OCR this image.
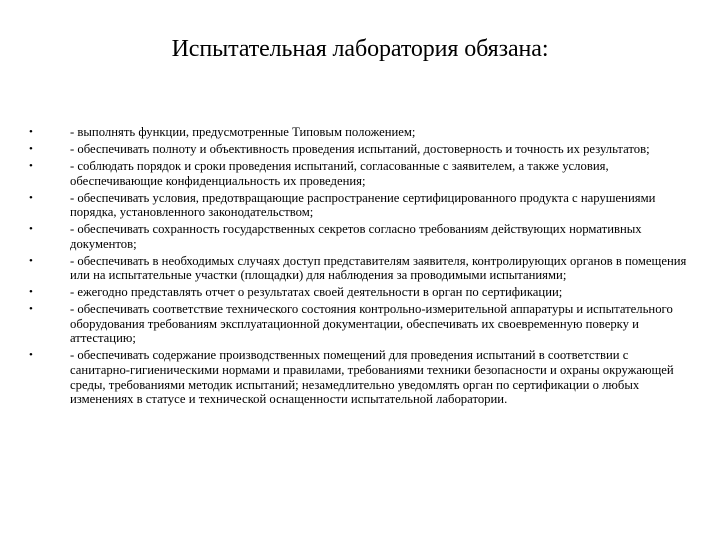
Испытательная лаборатория обязана:
•	- выполнять функции, предусмотренные Типовым положением;
•	- обеспечивать полноту и объективность проведения испытаний, достоверность и точность их результатов;
•	- соблюдать порядок и сроки проведения испытаний, согласованные с заявителем, а также условия, обеспечивающие конфиденциальность их проведения;
•	- обеспечивать условия, предотвращающие распространение сертифицированного продукта с нарушениями порядка, установленного законодательством;
•	- обеспечивать сохранность государственных секретов согласно требованиям действующих нормативных документов;
•	- обеспечивать в необходимых случаях доступ представителям заявителя, контролирующих органов в помещения или на испытательные участки (площадки) для наблюдения за проводимыми испытаниями;
•	- ежегодно представлять отчет о результатах своей деятельности в орган по сертификации;
•	- обеспечивать соответствие технического состояния контрольно-измерительной аппаратуры и испытательного оборудования требованиям эксплуатационной документации, обеспечивать их своевременную поверку и аттестацию;
•	- обеспечивать содержание производственных помещений для проведения испытаний в соответствии с санитарно-гигиеническими нормами и правилами, требованиями техники безопасности и охраны окружающей среды, требованиями методик испытаний; незамедлительно уведомлять орган по сертификации о любых изменениях в статусе и технической оснащенности испытательной лаборатории.
